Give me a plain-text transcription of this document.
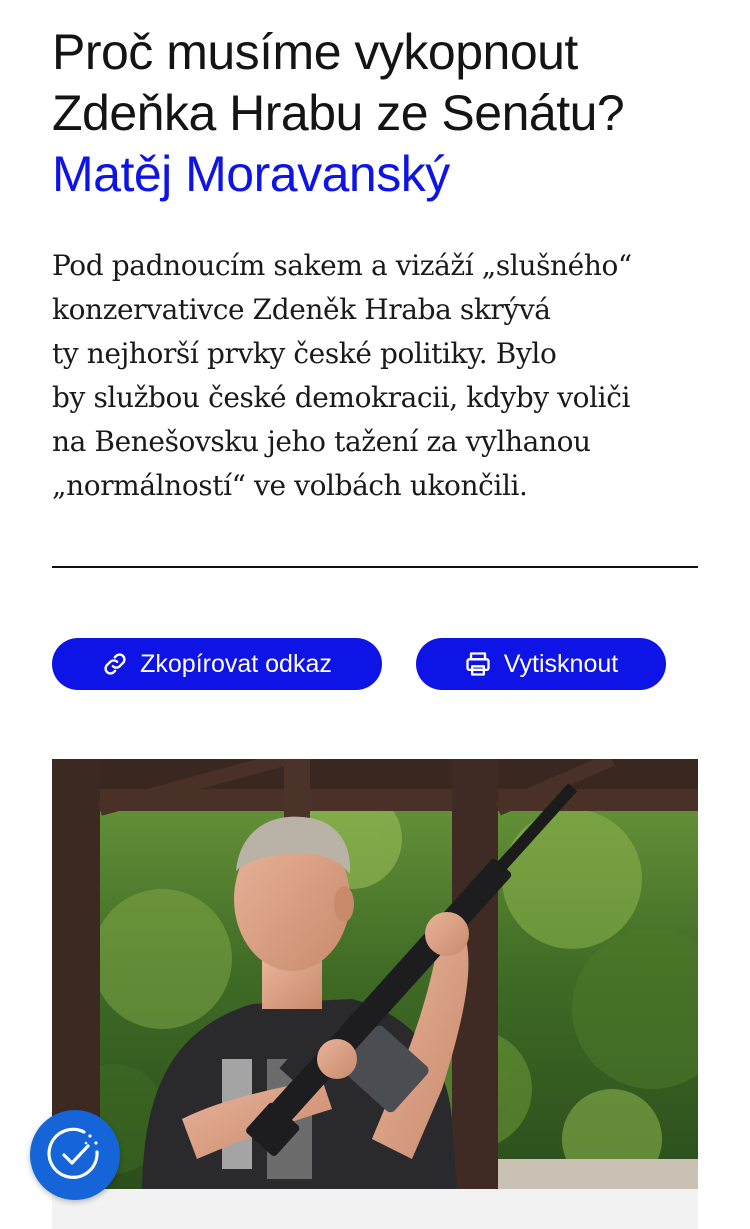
Proč musíme vykopnout
Zdeňka Hrabu ze Senátu?
Matěj Moravanský

Pod padnoucím sakem a vizáží „slušného“
konzervativce Zdeněk Hraba skrývá
ty nejhorší prvky české politiky. Bylo
by službou české demokracii, kdyby voliči
na Benešovsku jeho tažení za vylhanou
„normálností“ ve volbách ukončili.

Zkopírovat odkaz	Vytisknout
